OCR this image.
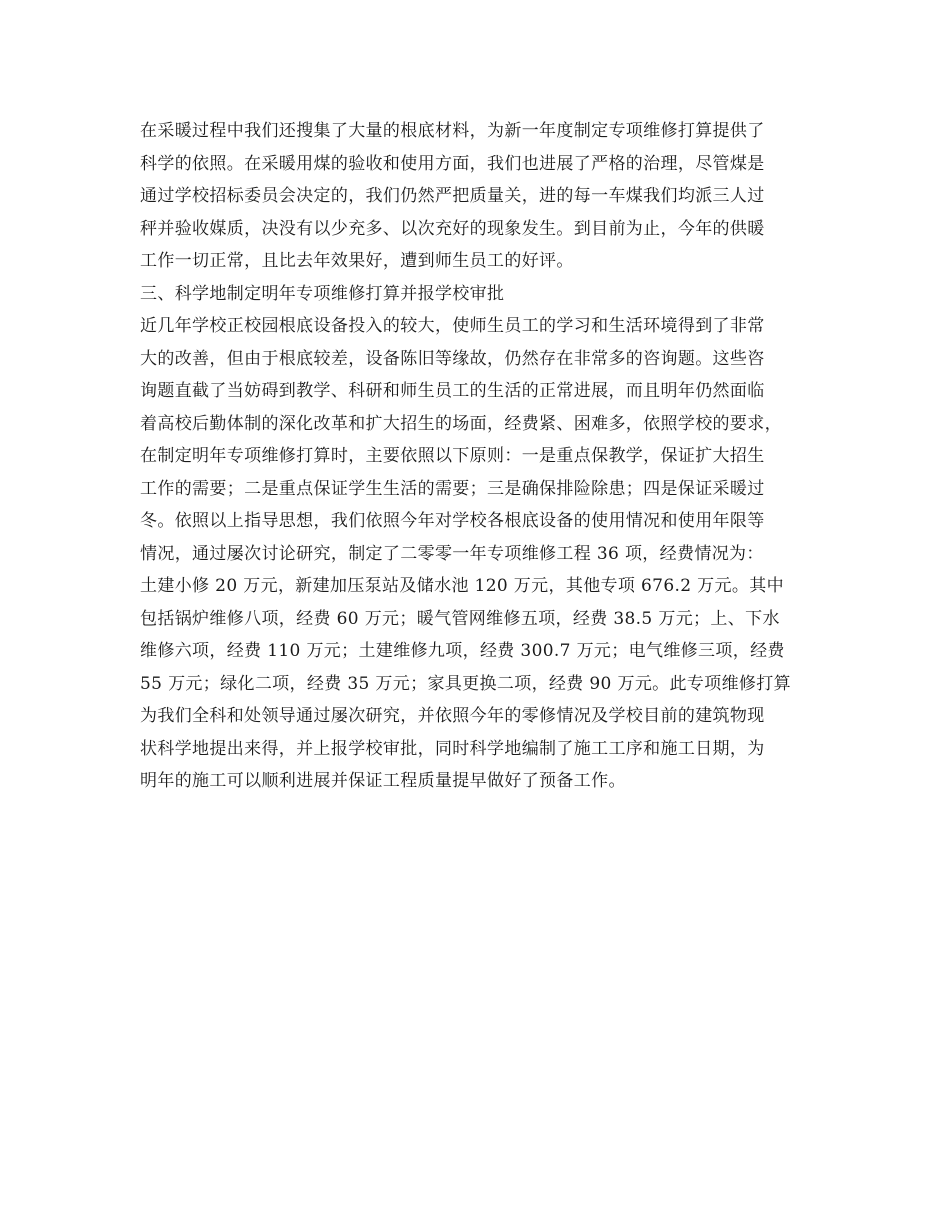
在采暖过程中我们还搜集了大量的根底材料，为新一年度制定专项维修打算提供了
科学的依照。在采暖用煤的验收和使用方面，我们也进展了严格的治理，尽管煤是
通过学校招标委员会决定的，我们仍然严把质量关，进的每一车煤我们均派三人过
秤并验收媒质，决没有以少充多、以次充好的现象发生。到目前为止，今年的供暖
工作一切正常，且比去年效果好，遭到师生员工的好评。
三、科学地制定明年专项维修打算并报学校审批
近几年学校正校园根底设备投入的较大，使师生员工的学习和生活环境得到了非常
大的改善，但由于根底较差，设备陈旧等缘故，仍然存在非常多的咨询题。这些咨
询题直截了当妨碍到教学、科研和师生员工的生活的正常进展，而且明年仍然面临
着高校后勤体制的深化改革和扩大招生的场面，经费紧、困难多，依照学校的要求，
在制定明年专项维修打算时，主要依照以下原则：一是重点保教学，保证扩大招生
工作的需要；二是重点保证学生生活的需要；三是确保排险除患；四是保证采暖过
冬。依照以上指导思想，我们依照今年对学校各根底设备的使用情况和使用年限等
情况，通过屡次讨论研究，制定了二零零一年专项维修工程 36 项，经费情况为：
土建小修 20 万元，新建加压泵站及储水池 120 万元，其他专项 676.2 万元。其中
包括锅炉维修八项，经费 60 万元；暖气管网维修五项，经费 38.5 万元；上、下水
维修六项，经费 110 万元；土建维修九项，经费 300.7 万元；电气维修三项，经费
55 万元；绿化二项，经费 35 万元；家具更换二项，经费 90 万元。此专项维修打算
为我们全科和处领导通过屡次研究，并依照今年的零修情况及学校目前的建筑物现
状科学地提出来得，并上报学校审批，同时科学地编制了施工工序和施工日期，为
明年的施工可以顺利进展并保证工程质量提早做好了预备工作。
